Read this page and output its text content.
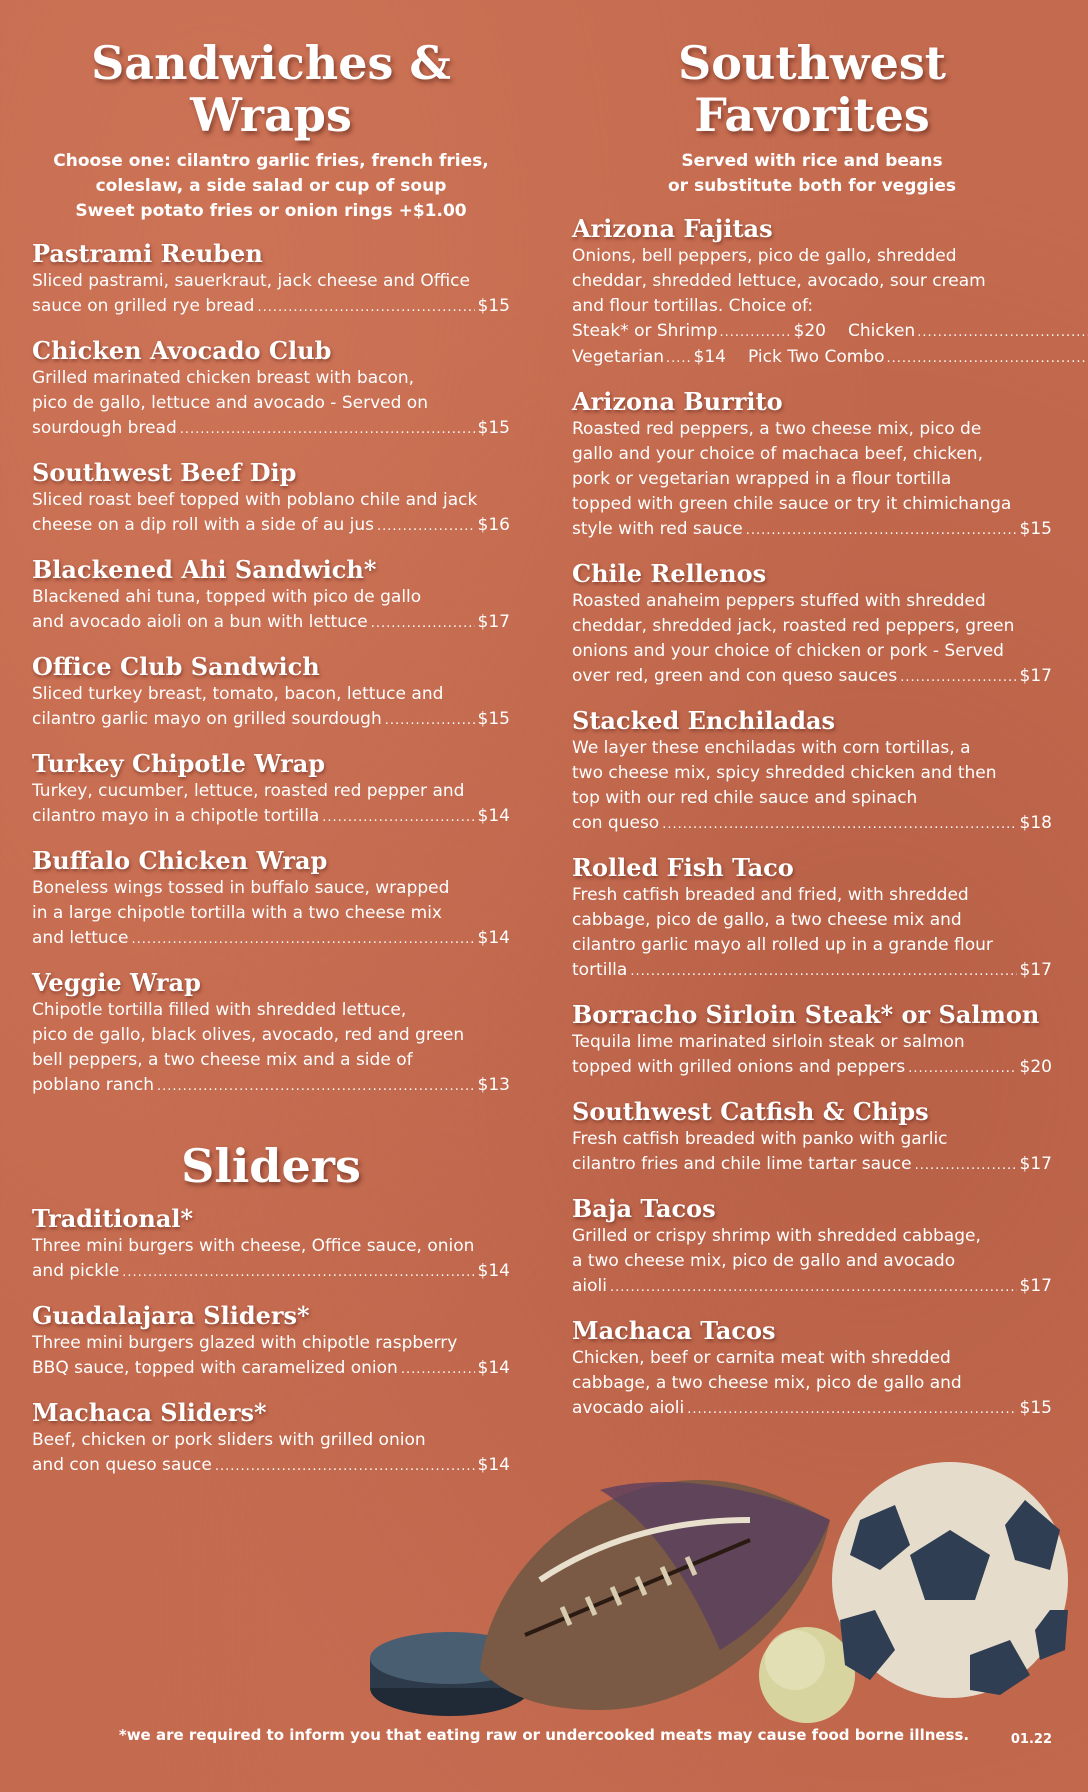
Sandwiches &
Wraps
Choose one: cilantro garlic fries, french fries,
coleslaw, a side salad or cup of soup
Sweet potato fries or onion rings +$1.00
Pastrami Reuben
Sliced pastrami, sauerkraut, jack cheese and Office
sauce on grilled rye bread .....	$15
Chicken Avocado Club
Grilled marinated chicken breast with bacon,
pico de gallo, lettuce and avocado - Served on
sourdough bread .....	$15
Southwest Beef Dip
Sliced roast beef topped with poblano chile and jack
cheese on a dip roll with a side of au jus .....	$16
Blackened Ahi Sandwich*
Blackened ahi tuna, topped with pico de gallo
and avocado aioli on a bun with lettuce .....	$17
Office Club Sandwich
Sliced turkey breast, tomato, bacon, lettuce and
cilantro garlic mayo on grilled sourdough .....	$15
Turkey Chipotle Wrap
Turkey, cucumber, lettuce, roasted red pepper and
cilantro mayo in a chipotle tortilla .....	$14
Buffalo Chicken Wrap
Boneless wings tossed in buffalo sauce, wrapped
in a large chipotle tortilla with a two cheese mix
and lettuce .....	$14
Veggie Wrap
Chipotle tortilla filled with shredded lettuce,
pico de gallo, black olives, avocado, red and green
bell peppers, a two cheese mix and a side of
poblano ranch .....	$13
Sliders
Traditional*
Three mini burgers with cheese, Office sauce, onion
and pickle .....	$14
Guadalajara Sliders*
Three mini burgers glazed with chipotle raspberry
BBQ sauce, topped with caramelized onion .....	$14
Machaca Sliders*
Beef, chicken or pork sliders with grilled onion
and con queso sauce .....	$14
Southwest Favorites
Served with rice and beans
or substitute both for veggies
Arizona Fajitas
Onions, bell peppers, pico de gallo, shredded
cheddar, shredded lettuce, avocado, sour cream
and flour tortillas. Choice of:
Steak* or Shrimp .....	$20 Chicken
.....
Vegetarian ..... $14 Pick Two Combo
.....
Arizona Burrito
Roasted red peppers, a two cheese mix, pico de
gallo and your choice of machaca beef, chicken,
pork or vegetarian wrapped in a flour tortilla
topped with green chile sauce or try it chimichanga
style with red sauce .....	$15
Chile Rellenos
Roasted anaheim peppers stuffed with shredded
cheddar, shredded jack, roasted red peppers, green
onions and your choice of chicken or pork - Served
over red, green and con queso sauces .....	$17
Stacked Enchiladas
We layer these enchiladas with corn tortillas, a
two cheese mix, spicy shredded chicken and then
top with our red chile sauce and spinach
con queso .....	$18
Rolled Fish Taco
Fresh catfish breaded and fried, with shredded
cabbage, pico de gallo, a two cheese mix and
cilantro garlic mayo all rolled up in a grande flour
tortilla .....	$17
Borracho Sirloin Steak* or Salmon
Tequila lime marinated sirloin steak or salmon
topped with grilled onions and peppers .....	$20
Southwest Catfish & Chips
Fresh catfish breaded with panko with garlic
cilantro fries and chile lime tartar sauce .....	$17
Baja Tacos
Grilled or crispy shrimp with shredded cabbage,
a two cheese mix, pico de gallo and avocado
aioli .....	$17
Machaca Tacos
Chicken, beef or carnita meat with shredded
cabbage, a two cheese mix, pico de gallo and
avocado aioli .....	$15
*we are required to inform you that eating raw or undercooked meats may cause food borne illness.	01.22
